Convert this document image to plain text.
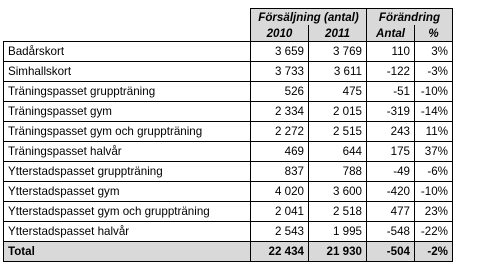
	Försäljning (antal)		Förändring	
	2010	2011	Antal	%
Badårskort	3 659	3 769	110	3%
Simhallskort	3 733	3 611	-122	-3%
Träningspasset gruppträning	526	475	-51	-10%
Träningspasset gym	2 334	2 015	-319	-14%
Träningspasset gym och gruppträning	2 272	2 515	243	11%
Träningspasset halvår	469	644	175	37%
Ytterstadspasset gruppträning	837	788	-49	-6%
Ytterstadspasset gym	4 020	3 600	-420	-10%
Ytterstadspasset gym och gruppträning	2 041	2 518	477	23%
Ytterstadspasset halvår	2 543	1 995	-548	-22%
Total	22 434	21 930	-504	-2%
